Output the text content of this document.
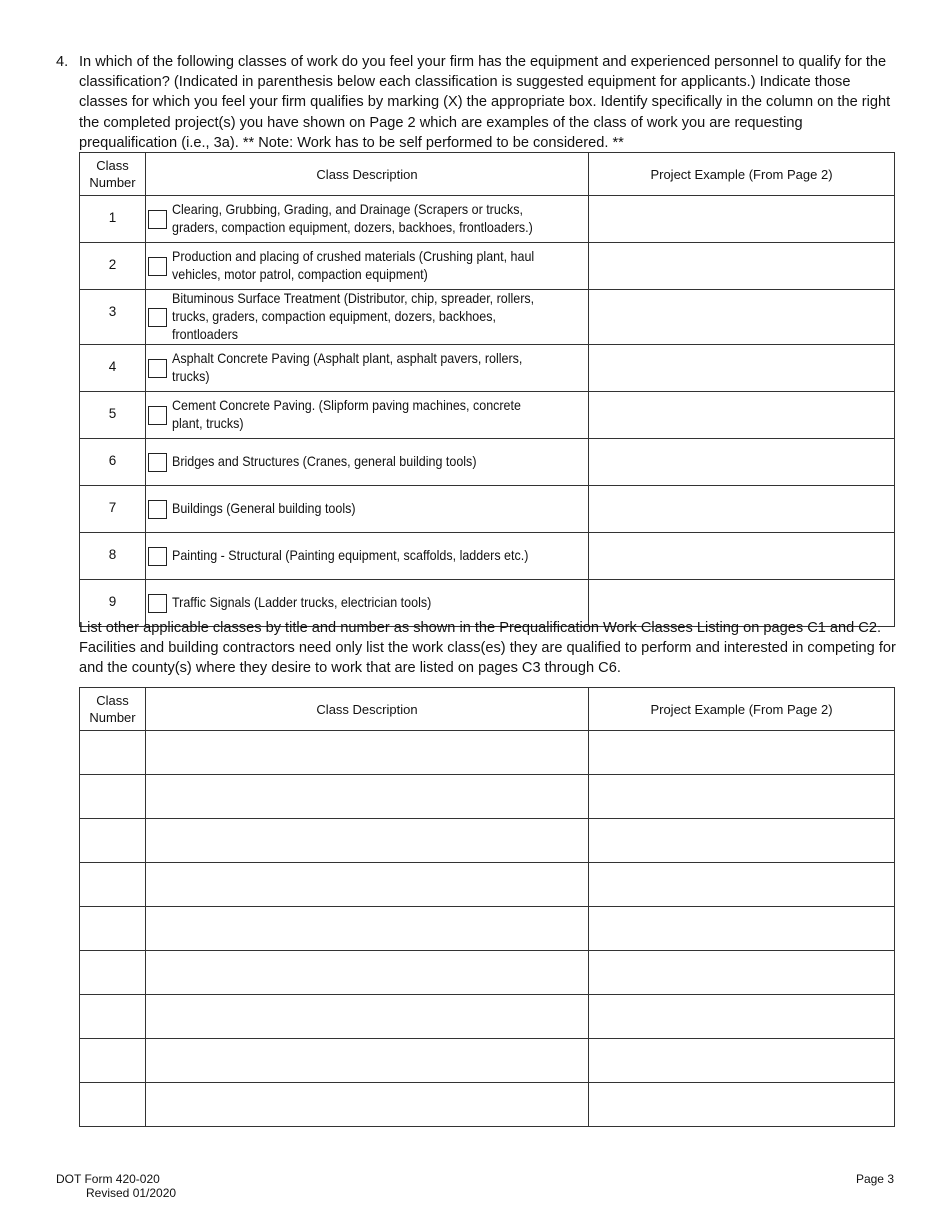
4. In which of the following classes of work do you feel your firm has the equipment and experienced personnel to qualify for the classification? (Indicated in parenthesis below each classification is suggested equipment for applicants.) Indicate those classes for which you feel your firm qualifies by marking (X) the appropriate box. Identify specifically in the column on the right the completed project(s) you have shown on Page 2 which are examples of the class of work you are requesting prequalification (i.e., 3a). ** Note: Work has to be self performed to be considered. **
Class Number	Class Description	Project Example (From Page 2)
1	Clearing, Grubbing, Grading, and Drainage (Scrapers or trucks, graders, compaction equipment, dozers, backhoes, frontloaders.)	

2	Production and placing of crushed materials (Crushing plant, haul vehicles, motor patrol, compaction equipment)	

3	Bituminous Surface Treatment (Distributor, chip, spreader, rollers, trucks, graders, compaction equipment, dozers, backhoes, frontloaders	

4	Asphalt Concrete Paving (Asphalt plant, asphalt pavers, rollers, trucks)	

5	Cement Concrete Paving. (Slipform paving machines, concrete plant, trucks)	

6	Bridges and Structures (Cranes, general building tools)	

7	Buildings (General building tools)	

8	Painting - Structural (Painting equipment, scaffolds, ladders etc.)	

9	Traffic Signals (Ladder trucks, electrician tools)	

List other applicable classes by title and number as shown in the Prequalification Work Classes Listing on pages C1 and C2. Facilities and building contractors need only list the work class(es) they are qualified to perform and interested in competing for and the county(s) where they desire to work that are listed on pages C3 through C6.
Class Number	Class Description	Project Example (From Page 2)

DOT Form 420-020
Revised 01/2020
Page 3
